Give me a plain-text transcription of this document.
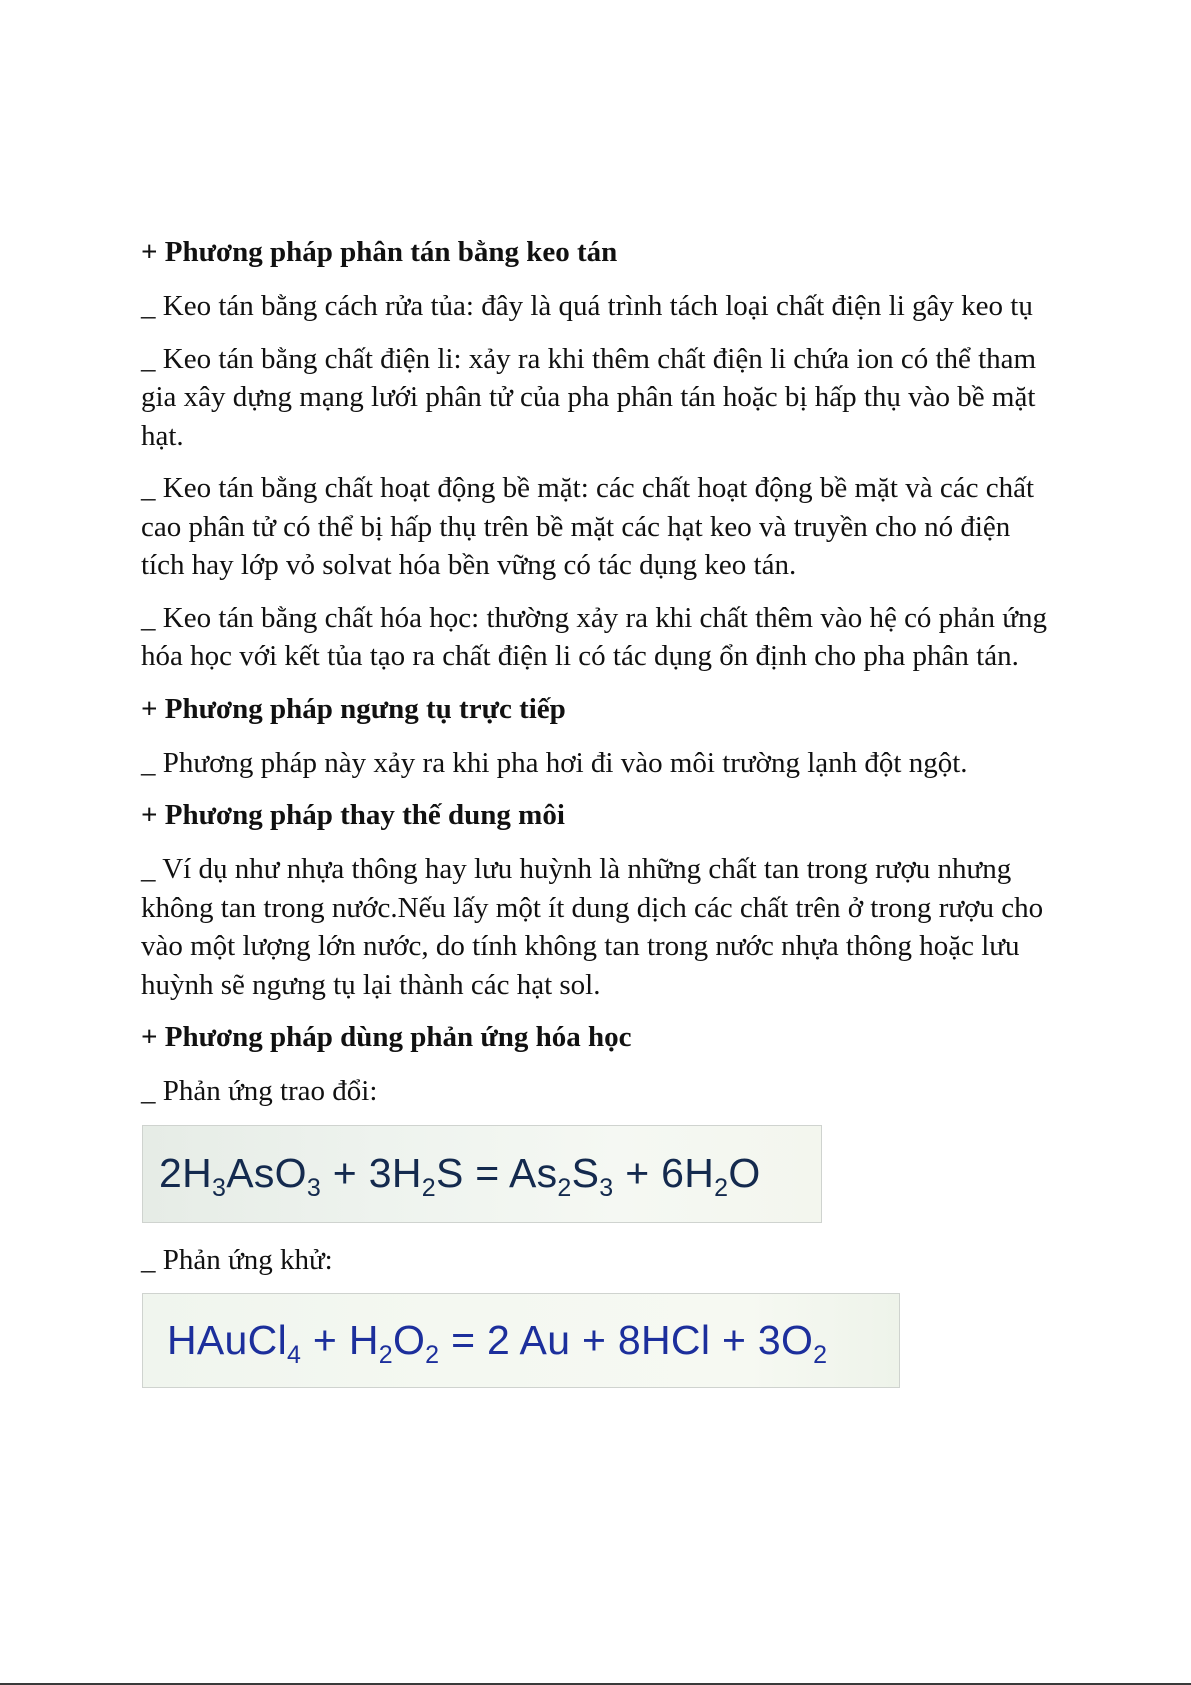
+ Phương pháp phân tán bằng keo tán
_ Keo tán bằng cách rửa tủa: đây là quá trình tách loại chất điện li gây keo tụ
_ Keo tán bằng chất điện li: xảy ra khi thêm chất điện li chứa ion có thể tham gia xây dựng mạng lưới phân tử của pha phân tán hoặc bị hấp thụ vào bề mặt hạt.
_ Keo tán bằng chất hoạt động bề mặt: các chất hoạt động bề mặt và các chất cao phân tử có thể bị hấp thụ trên bề mặt các hạt keo và truyền cho nó điện tích hay lớp vỏ solvat hóa bền vững có tác dụng keo tán.
_ Keo tán bằng chất hóa học: thường xảy ra khi chất thêm vào hệ có phản ứng hóa học với kết tủa tạo ra chất điện li có tác dụng ổn định cho pha phân tán.
+ Phương pháp ngưng tụ trực tiếp
_ Phương pháp này xảy ra khi pha hơi đi vào môi trường lạnh đột ngột.
+ Phương pháp thay thế dung môi
_ Ví dụ như nhựa thông hay lưu huỳnh là những chất tan trong rượu nhưng không tan trong nước.Nếu lấy một ít dung dịch các chất trên ở trong rượu cho vào một lượng lớn nước, do tính không tan trong nước nhựa thông hoặc lưu huỳnh sẽ ngưng tụ lại thành các hạt sol.
+ Phương pháp dùng phản ứng hóa học
_ Phản ứng trao đổi:
$2H_3AsO_3 + 3H_2S = As_2S_3 + 6H_2O$
_ Phản ứng khử:
HAuCl$_4$ + $H_2O_2 = 2$ $Au + 8HCl + 3O_2$
